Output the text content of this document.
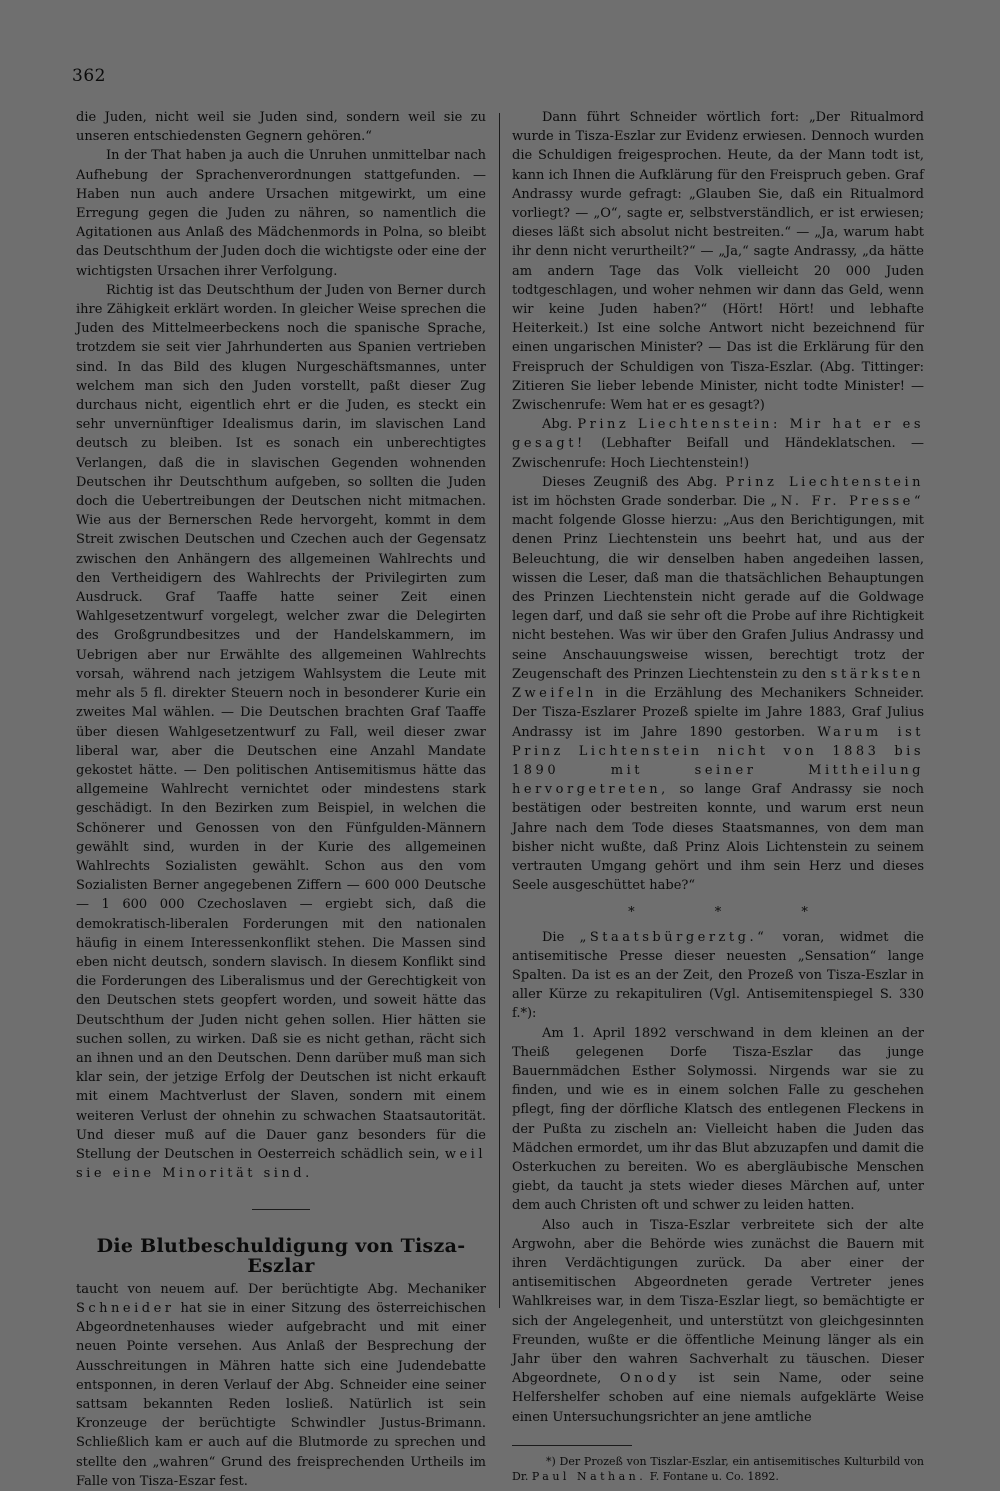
362

die Juden, nicht weil sie Juden sind, sondern weil sie zu unseren entschiedensten Gegnern gehören.“

In der That haben ja auch die Unruhen unmittelbar nach Aufhebung der Sprachenverordnungen stattgefunden. — Haben nun auch andere Ursachen mitgewirkt, um eine Erregung gegen die Juden zu nähren, so namentlich die Agitationen aus Anlaß des Mädchenmords in Polna, so bleibt das Deutschthum der Juden doch die wichtigste oder eine der wichtigsten Ursachen ihrer Verfolgung.

Richtig ist das Deutschthum der Juden von Berner durch ihre Zähigkeit erklärt worden. In gleicher Weise sprechen die Juden des Mittelmeerbeckens noch die spanische Sprache, trotzdem sie seit vier Jahrhunderten aus Spanien vertrieben sind. In das Bild des klugen Nurgeschäftsmannes, unter welchem man sich den Juden vorstellt, paßt dieser Zug durchaus nicht, eigentlich ehrt er die Juden, es steckt ein sehr unvernünftiger Idealismus darin, im slavischen Land deutsch zu bleiben. Ist es sonach ein unberechtigtes Verlangen, daß die in slavischen Gegenden wohnenden Deutschen ihr Deutschthum aufgeben, so sollten die Juden doch die Uebertreibungen der Deutschen nicht mitmachen. Wie aus der Bernerschen Rede hervorgeht, kommt in dem Streit zwischen Deutschen und Czechen auch der Gegensatz zwischen den Anhängern des allgemeinen Wahlrechts und den Vertheidigern des Wahlrechts der Privilegirten zum Ausdruck. Graf Taaffe hatte seiner Zeit einen Wahlgesetzentwurf vorgelegt, welcher zwar die Delegirten des Großgrundbesitzes und der Handelskammern, im Uebrigen aber nur Erwählte des allgemeinen Wahlrechts vorsah, während nach jetzigem Wahlsystem die Leute mit mehr als 5 fl. direkter Steuern noch in besonderer Kurie ein zweites Mal wählen. — Die Deutschen brachten Graf Taaffe über diesen Wahlgesetzentwurf zu Fall, weil dieser zwar liberal war, aber die Deutschen eine Anzahl Mandate gekostet hätte. — Den politischen Antisemitismus hätte das allgemeine Wahlrecht vernichtet oder mindestens stark geschädigt. In den Bezirken zum Beispiel, in welchen die Schönerer und Genossen von den Fünfgulden-Männern gewählt sind, wurden in der Kurie des allgemeinen Wahlrechts Sozialisten gewählt. Schon aus den vom Sozialisten Berner angegebenen Ziffern — 600 000 Deutsche — 1 600 000 Czechoslaven — ergiebt sich, daß die demokratisch-liberalen Forderungen mit den nationalen häufig in einem Interessenkonflikt stehen. Die Massen sind eben nicht deutsch, sondern slavisch. In diesem Konflikt sind die Forderungen des Liberalismus und der Gerechtigkeit von den Deutschen stets geopfert worden, und soweit hätte das Deutschthum der Juden nicht gehen sollen. Hier hätten sie suchen sollen, zu wirken. Daß sie es nicht gethan, rächt sich an ihnen und an den Deutschen. Denn darüber muß man sich klar sein, der jetzige Erfolg der Deutschen ist nicht erkauft mit einem Machtverlust der Slaven, sondern mit einem weiteren Verlust der ohnehin zu schwachen Staatsautorität. Und dieser muß auf die Dauer ganz besonders für die Stellung der Deutschen in Oesterreich schädlich sein, weil sie eine Minorität sind.

Die Blutbeschuldigung von Tisza-Eszlar

taucht von neuem auf. Der berüchtigte Abg. Mechaniker Schneider hat sie in einer Sitzung des österreichischen Abgeordnetenhauses wieder aufgebracht und mit einer neuen Pointe versehen. Aus Anlaß der Besprechung der Ausschreitungen in Mähren hatte sich eine Judendebatte entsponnen, in deren Verlauf der Abg. Schneider eine seiner sattsam bekannten Reden losließ. Natürlich ist sein Kronzeuge der berüchtigte Schwindler Justus-Brimann. Schließlich kam er auch auf die Blutmorde zu sprechen und stellte den „wahren“ Grund des freisprechenden Urtheils im Falle von Tisza-Eszar fest.

Dann führt Schneider wörtlich fort: „Der Ritualmord wurde in Tisza-Eszlar zur Evidenz erwiesen. Dennoch wurden die Schuldigen freigesprochen. Heute, da der Mann todt ist, kann ich Ihnen die Aufklärung für den Freispruch geben. Graf Andrassy wurde gefragt: „Glauben Sie, daß ein Ritualmord vorliegt? — „O“, sagte er, selbstverständlich, er ist erwiesen; dieses läßt sich absolut nicht bestreiten.“ — „Ja, warum habt ihr denn nicht verurtheilt?“ — „Ja,“ sagte Andrassy, „da hätte am andern Tage das Volk vielleicht 20 000 Juden todtgeschlagen, und woher nehmen wir dann das Geld, wenn wir keine Juden haben?“ (Hört! Hört! und lebhafte Heiterkeit.) Ist eine solche Antwort nicht bezeichnend für einen ungarischen Minister? — Das ist die Erklärung für den Freispruch der Schuldigen von Tisza-Eszlar. (Abg. Tittinger: Zitieren Sie lieber lebende Minister, nicht todte Minister! — Zwischenrufe: Wem hat er es gesagt?)

Abg. Prinz Liechtenstein: Mir hat er es gesagt! (Lebhafter Beifall und Händeklatschen. — Zwischenrufe: Hoch Liechtenstein!)

Dieses Zeugniß des Abg. Prinz Liechtenstein ist im höchsten Grade sonderbar. Die „N. Fr. Presse“ macht folgende Glosse hierzu: „Aus den Berichtigungen, mit denen Prinz Liechtenstein uns beehrt hat, und aus der Beleuchtung, die wir denselben haben angedeihen lassen, wissen die Leser, daß man die thatsächlichen Behauptungen des Prinzen Liechtenstein nicht gerade auf die Goldwage legen darf, und daß sie sehr oft die Probe auf ihre Richtigkeit nicht bestehen. Was wir über den Grafen Julius Andrassy und seine Anschauungsweise wissen, berechtigt trotz der Zeugenschaft des Prinzen Liechtenstein zu den stärksten Zweifeln in die Erzählung des Mechanikers Schneider. Der Tisza-Eszlarer Prozeß spielte im Jahre 1883, Graf Julius Andrassy ist im Jahre 1890 gestorben. Warum ist Prinz Lichtenstein nicht von 1883 bis 1890 mit seiner Mittheilung hervorgetreten, so lange Graf Andrassy sie noch bestätigen oder bestreiten konnte, und warum erst neun Jahre nach dem Tode dieses Staatsmannes, von dem man bisher nicht wußte, daß Prinz Alois Lichtenstein zu seinem vertrauten Umgang gehört und ihm sein Herz und dieses Seele ausgeschüttet habe?“

* * *

Die „Staatsbürgerztg.“ voran, widmet die antisemitische Presse dieser neuesten „Sensation“ lange Spalten. Da ist es an der Zeit, den Prozeß von Tisza-Eszlar in aller Kürze zu rekapituliren (Vgl. Antisemitenspiegel S. 330 f.*):

Am 1. April 1892 verschwand in dem kleinen an der Theiß gelegenen Dorfe Tisza-Eszlar das junge Bauernmädchen Esther Solymossi. Nirgends war sie zu finden, und wie es in einem solchen Falle zu geschehen pflegt, fing der dörfliche Klatsch des entlegenen Fleckens in der Pußta zu zischeln an: Vielleicht haben die Juden das Mädchen ermordet, um ihr das Blut abzuzapfen und damit die Osterkuchen zu bereiten. Wo es abergläubische Menschen giebt, da taucht ja stets wieder dieses Märchen auf, unter dem auch Christen oft und schwer zu leiden hatten.

Also auch in Tisza-Eszlar verbreitete sich der alte Argwohn, aber die Behörde wies zunächst die Bauern mit ihren Verdächtigungen zurück. Da aber einer der antisemitischen Abgeordneten gerade Vertreter jenes Wahlkreises war, in dem Tisza-Eszlar liegt, so bemächtigte er sich der Angelegenheit, und unterstützt von gleichgesinnten Freunden, wußte er die öffentliche Meinung länger als ein Jahr über den wahren Sachverhalt zu täuschen. Dieser Abgeordnete, Onody ist sein Name, oder seine Helfershelfer schoben auf eine niemals aufgeklärte Weise einen Untersuchungsrichter an jene amtliche

*) Der Prozeß von Tiszlar-Eszlar, ein antisemitisches Kulturbild von Dr. Paul Nathan. F. Fontane u. Co. 1892.
